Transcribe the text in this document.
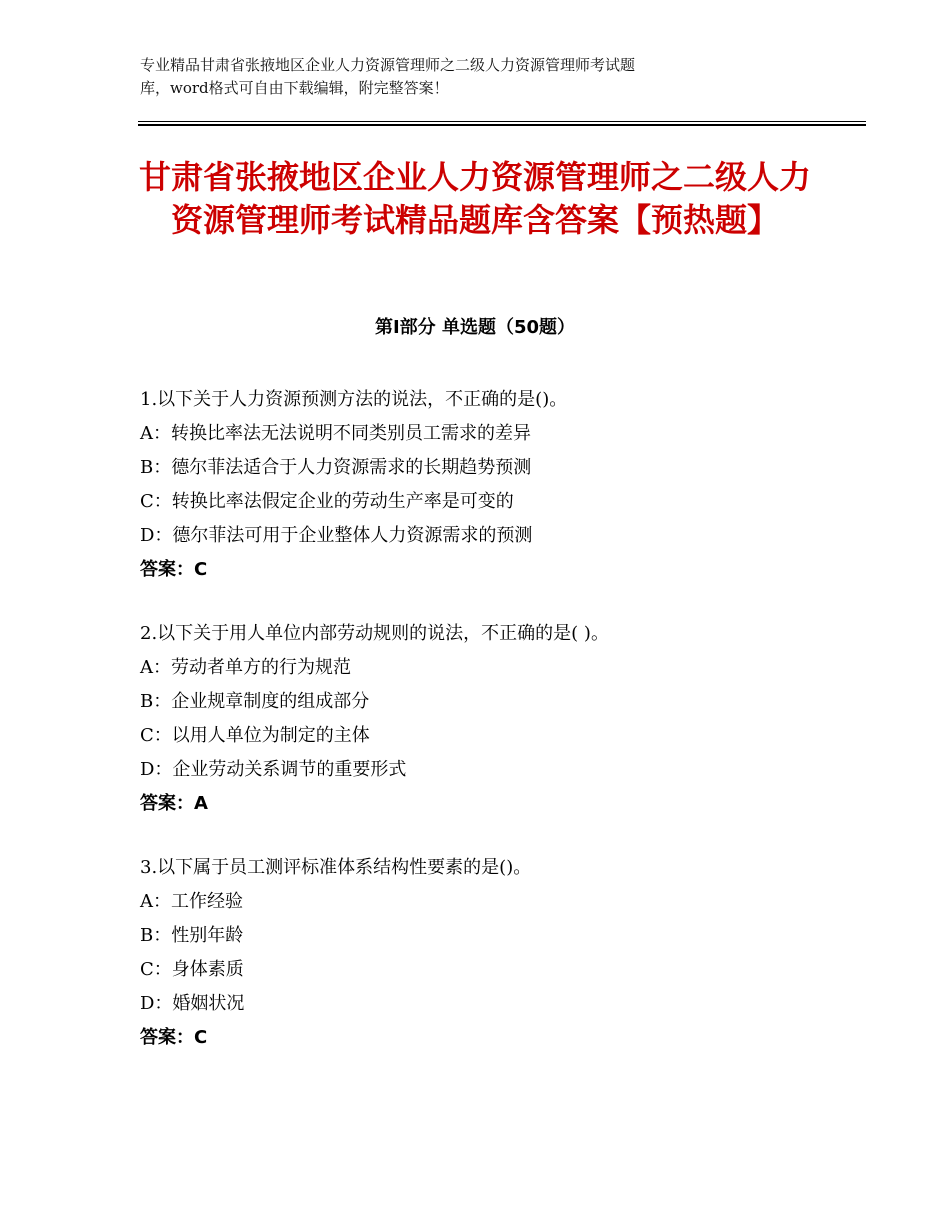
专业精品甘肃省张掖地区企业人力资源管理师之二级人力资源管理师考试题
库，word格式可自由下载编辑，附完整答案！
甘肃省张掖地区企业人力资源管理师之二级人力资源管理师考试精品题库含答案【预热题】
第Ⅰ部分 单选题（50题）
1.以下关于人力资源预测方法的说法，不正确的是()。
A：转换比率法无法说明不同类别员工需求的差异
B：德尔菲法适合于人力资源需求的长期趋势预测
C：转换比率法假定企业的劳动生产率是可变的
D：德尔菲法可用于企业整体人力资源需求的预测
答案：C
2.以下关于用人单位内部劳动规则的说法，不正确的是( )。
A：劳动者单方的行为规范
B：企业规章制度的组成部分
C：以用人单位为制定的主体
D：企业劳动关系调节的重要形式
答案：A
3.以下属于员工测评标准体系结构性要素的是()。
A：工作经验
B：性别年龄
C：身体素质
D：婚姻状况
答案：C
